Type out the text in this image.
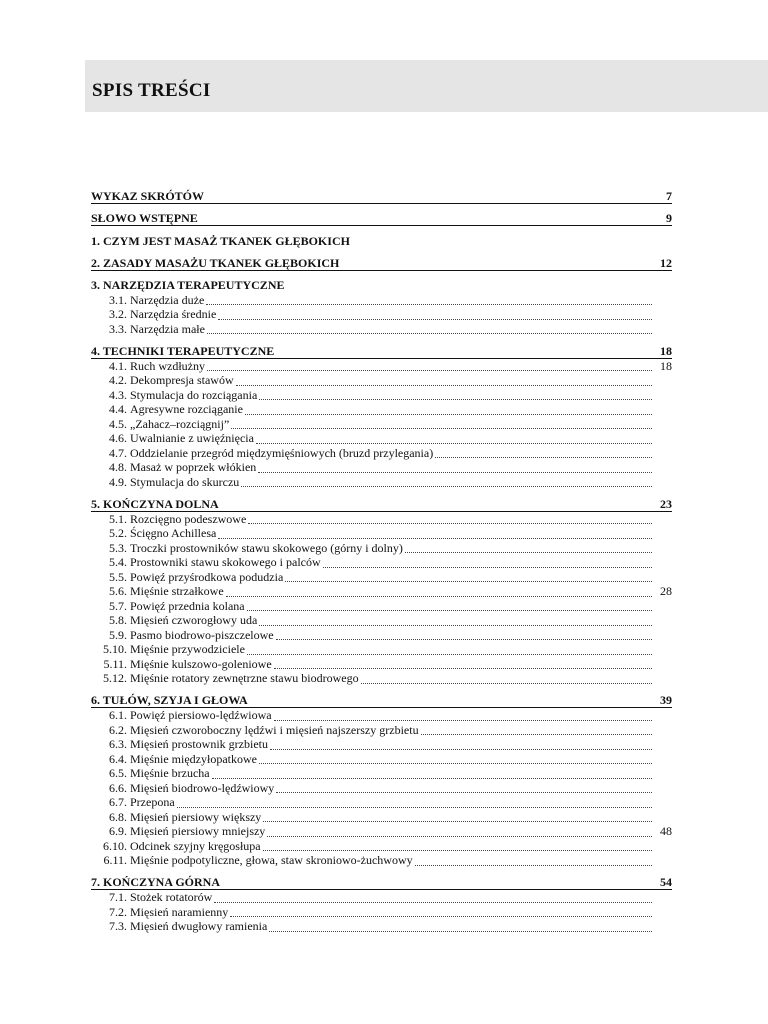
SPIS TREŚCI
WYKAZ SKRÓTÓW	7
SŁOWO WSTĘPNE	9
1. CZYM JEST MASAŻ TKANEK GŁĘBOKICH
2. ZASADY MASAŻU TKANEK GŁĘBOKICH	12
3. NARZĘDZIA TERAPEUTYCZNE
3.1. Narzędzia duże
3.2. Narzędzia średnie
3.3. Narzędzia małe
4. TECHNIKI TERAPEUTYCZNE	18
4.1. Ruch wzdłużny	18
4.2. Dekompresja stawów
4.3. Stymulacja do rozciągania
4.4. Agresywne rozciąganie
4.5. „Zahacz–rozciągnij”
4.6. Uwalnianie z uwięźnięcia
4.7. Oddzielanie przegród międzymięśniowych (bruzd przylegania)
4.8. Masaż w poprzek włókien
4.9. Stymulacja do skurczu
5. KOŃCZYNA DOLNA	23
5.1. Rozcięgno podeszwowe
5.2. Ścięgno Achillesa
5.3. Troczki prostowników stawu skokowego (górny i dolny)
5.4. Prostowniki stawu skokowego i palców
5.5. Powięź przyśrodkowa podudzia
5.6. Mięśnie strzałkowe	28
5.7. Powięź przednia kolana
5.8. Mięsień czworogłowy uda
5.9. Pasmo biodrowo-piszczelowe
5.10. Mięśnie przywodziciele
5.11. Mięśnie kulszowo-goleniowe
5.12. Mięśnie rotatory zewnętrzne stawu biodrowego
6. TUŁÓW, SZYJA I GŁOWA	39
6.1. Powięź piersiowo-lędźwiowa
6.2. Mięsień czworoboczny lędźwi i mięsień najszerszy grzbietu
6.3. Mięsień prostownik grzbietu
6.4. Mięśnie międzyłopatkowe
6.5. Mięśnie brzucha
6.6. Mięsień biodrowo-lędźwiowy
6.7. Przepona
6.8. Mięsień piersiowy większy
6.9. Mięsień piersiowy mniejszy	48
6.10. Odcinek szyjny kręgosłupa
6.11. Mięśnie podpotyliczne, głowa, staw skroniowo-żuchwowy
7. KOŃCZYNA GÓRNA	54
7.1. Stożek rotatorów
7.2. Mięsień naramienny
7.3. Mięsień dwugłowy ramienia
